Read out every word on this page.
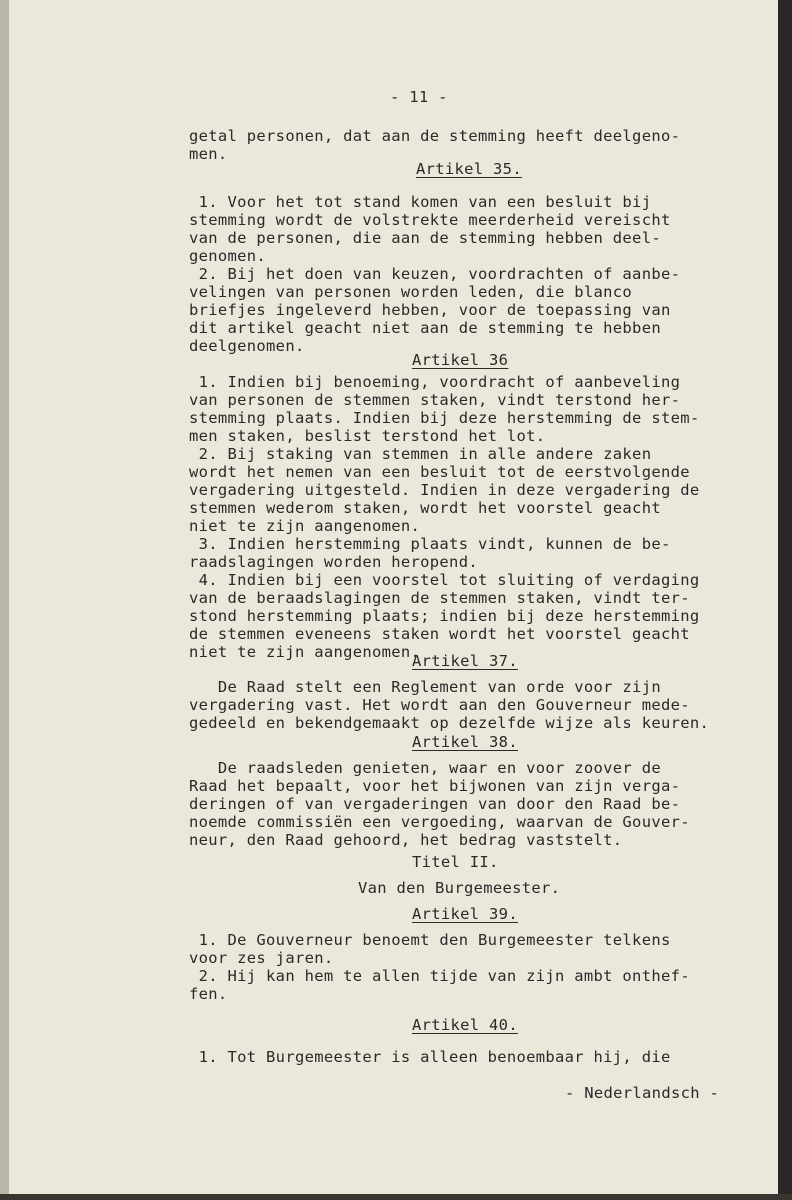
- 11 -
getal personen, dat aan de stemming heeft deelgeno-
men.
Artikel 35.
1. Voor het tot stand komen van een besluit bij
stemming wordt de volstrekte meerderheid vereischt
van de personen, die aan de stemming hebben deel-
genomen.
2. Bij het doen van keuzen, voordrachten of aanbe-
velingen van personen worden leden, die blanco
briefjes ingeleverd hebben, voor de toepassing van
dit artikel geacht niet aan de stemming te hebben
deelgenomen.
Artikel 36
1. Indien bij benoeming, voordracht of aanbeveling
van personen de stemmen staken, vindt terstond her-
stemming plaats. Indien bij deze herstemming de stem-
men staken, beslist terstond het lot.
2. Bij staking van stemmen in alle andere zaken
wordt het nemen van een besluit tot de eerstvolgende
vergadering uitgesteld. Indien in deze vergadering de
stemmen wederom staken, wordt het voorstel geacht
niet te zijn aangenomen.
3. Indien herstemming plaats vindt, kunnen de be-
raadslagingen worden heropend.
4. Indien bij een voorstel tot sluiting of verdaging
van de beraadslagingen de stemmen staken, vindt ter-
stond herstemming plaats; indien bij deze herstemming
de stemmen eveneens staken wordt het voorstel geacht
niet te zijn aangenomen.
Artikel 37.
De Raad stelt een Reglement van orde voor zijn
vergadering vast. Het wordt aan den Gouverneur mede-
gedeeld en bekendgemaakt op dezelfde wijze als keuren.
Artikel 38.
De raadsleden genieten, waar en voor zoover de
Raad het bepaalt, voor het bijwonen van zijn verga-
deringen of van vergaderingen van door den Raad be-
noemde commissiën een vergoeding, waarvan de Gouver-
neur, den Raad gehoord, het bedrag vaststelt.
Titel II.
Van den Burgemeester.
Artikel 39.
1. De Gouverneur benoemt den Burgemeester telkens
voor zes jaren.
2. Hij kan hem te allen tijde van zijn ambt onthef-
fen.
Artikel 40.
1. Tot Burgemeester is alleen benoembaar hij, die
- Nederlandsch -
